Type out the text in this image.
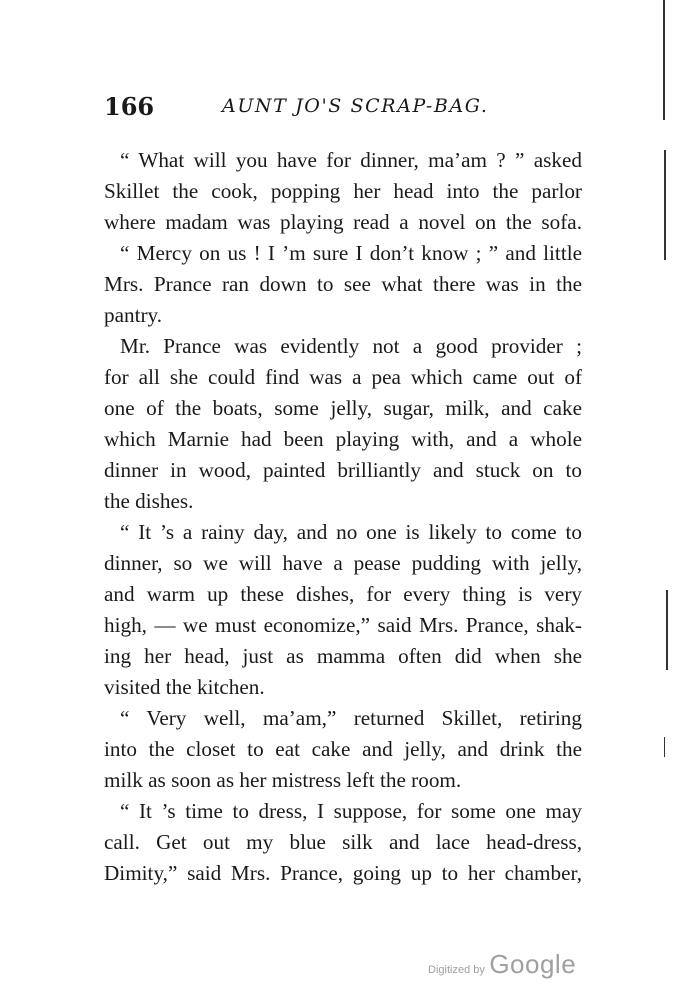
166	AUNT JO'S SCRAP-BAG.
“ What will you have for dinner, ma’am ? ” asked
Skillet the cook, popping her head into the parlor
where madam was playing read a novel on the sofa.
“ Mercy on us ! I ’m sure I don’t know ; ” and little
Mrs. Prance ran down to see what there was in the
pantry.
Mr. Prance was evidently not a good provider ;
for all she could find was a pea which came out of
one of the boats, some jelly, sugar, milk, and cake
which Marnie had been playing with, and a whole
dinner in wood, painted brilliantly and stuck on to
the dishes.
“ It ’s a rainy day, and no one is likely to come to
dinner, so we will have a pease pudding with jelly,
and warm up these dishes, for every thing is very
high, — we must economize,” said Mrs. Prance, shak-
ing her head, just as mamma often did when she
visited the kitchen.
“ Very well, ma’am,” returned Skillet, retiring
into the closet to eat cake and jelly, and drink the
milk as soon as her mistress left the room.
“ It ’s time to dress, I suppose, for some one may
call. Get out my blue silk and lace head-dress,
Dimity,” said Mrs. Prance, going up to her chamber,
Digitized by Google
